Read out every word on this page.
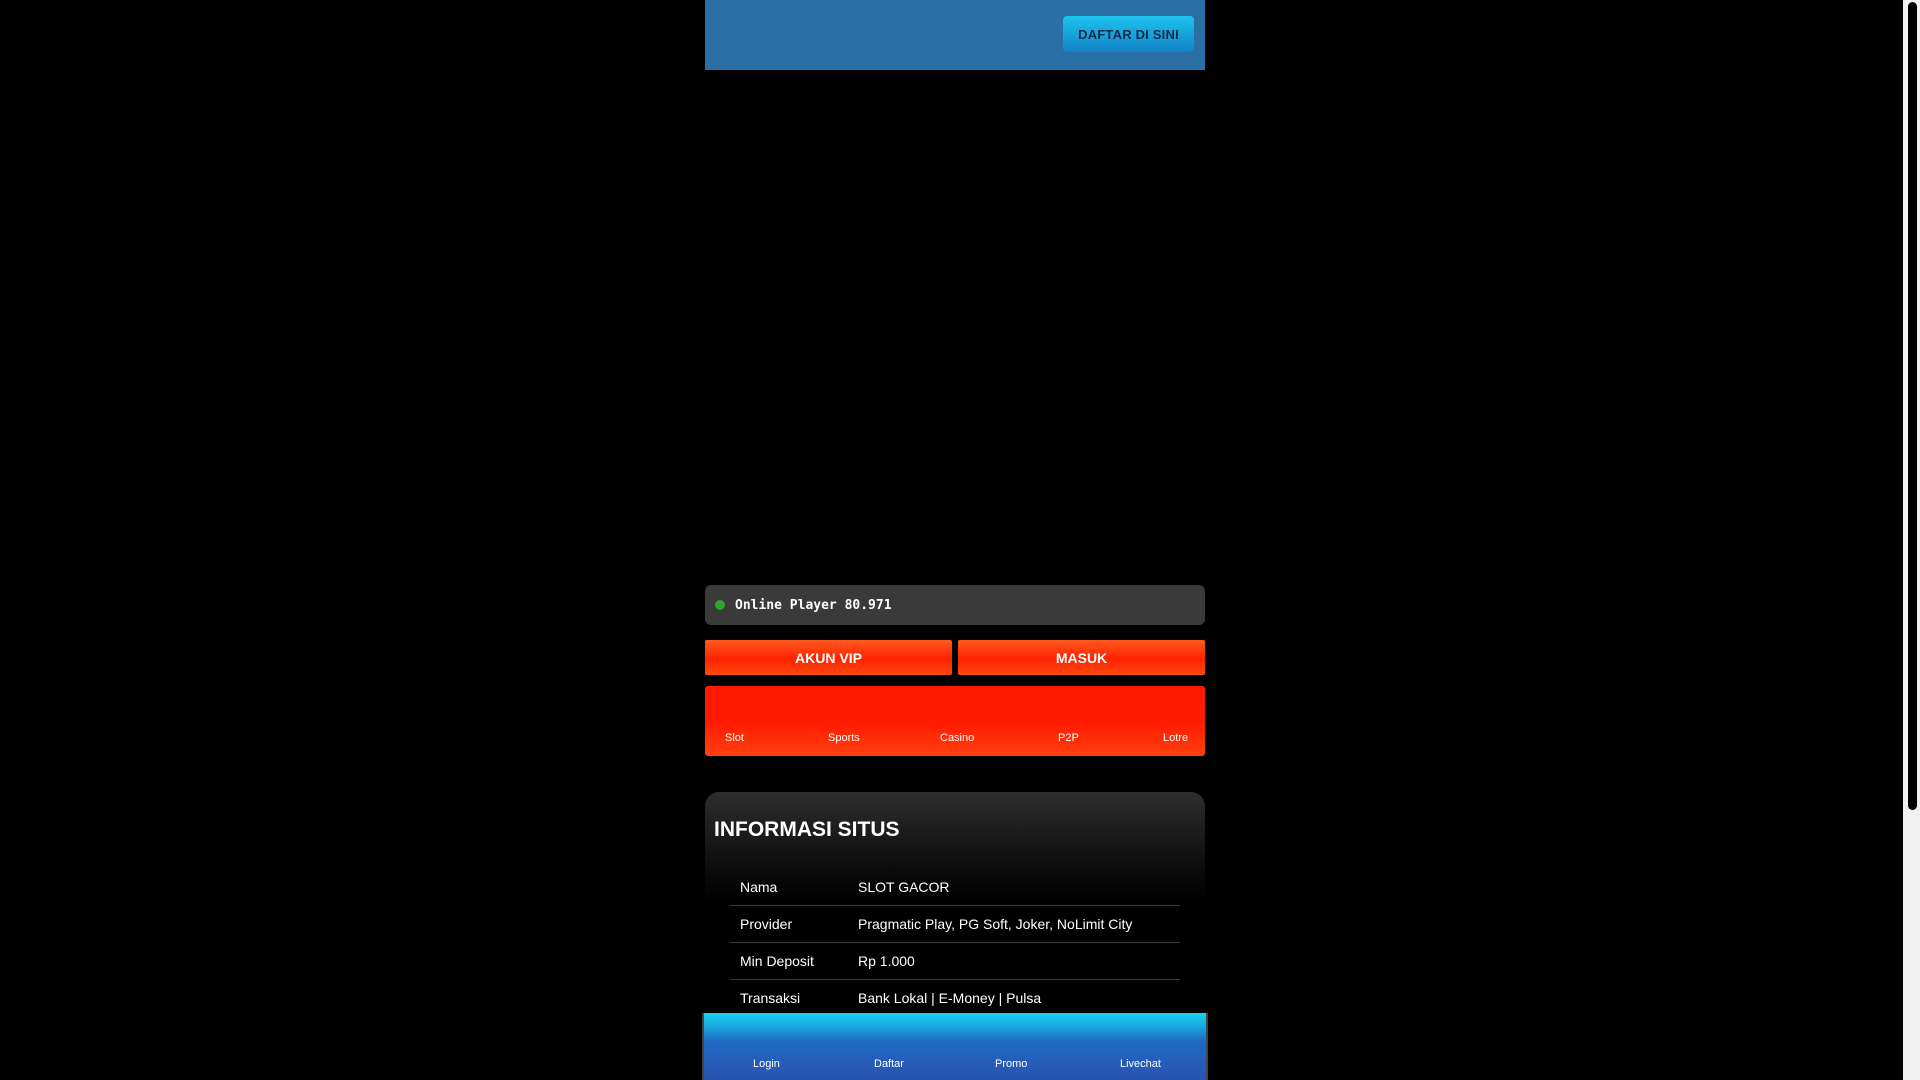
DAFTAR DI SINI
Online Player 80.971
AKUN VIP	MASUK
Slot	Sports	Casino	P2P	Lotre
INFORMASI SITUS
Nama	SLOT GACOR
Provider	Pragmatic Play, PG Soft, Joker, NoLimit City
Min Deposit	Rp 1.000
Transaksi	Bank Lokal | E-Money | Pulsa
Login	Daftar	Promo	Livechat
